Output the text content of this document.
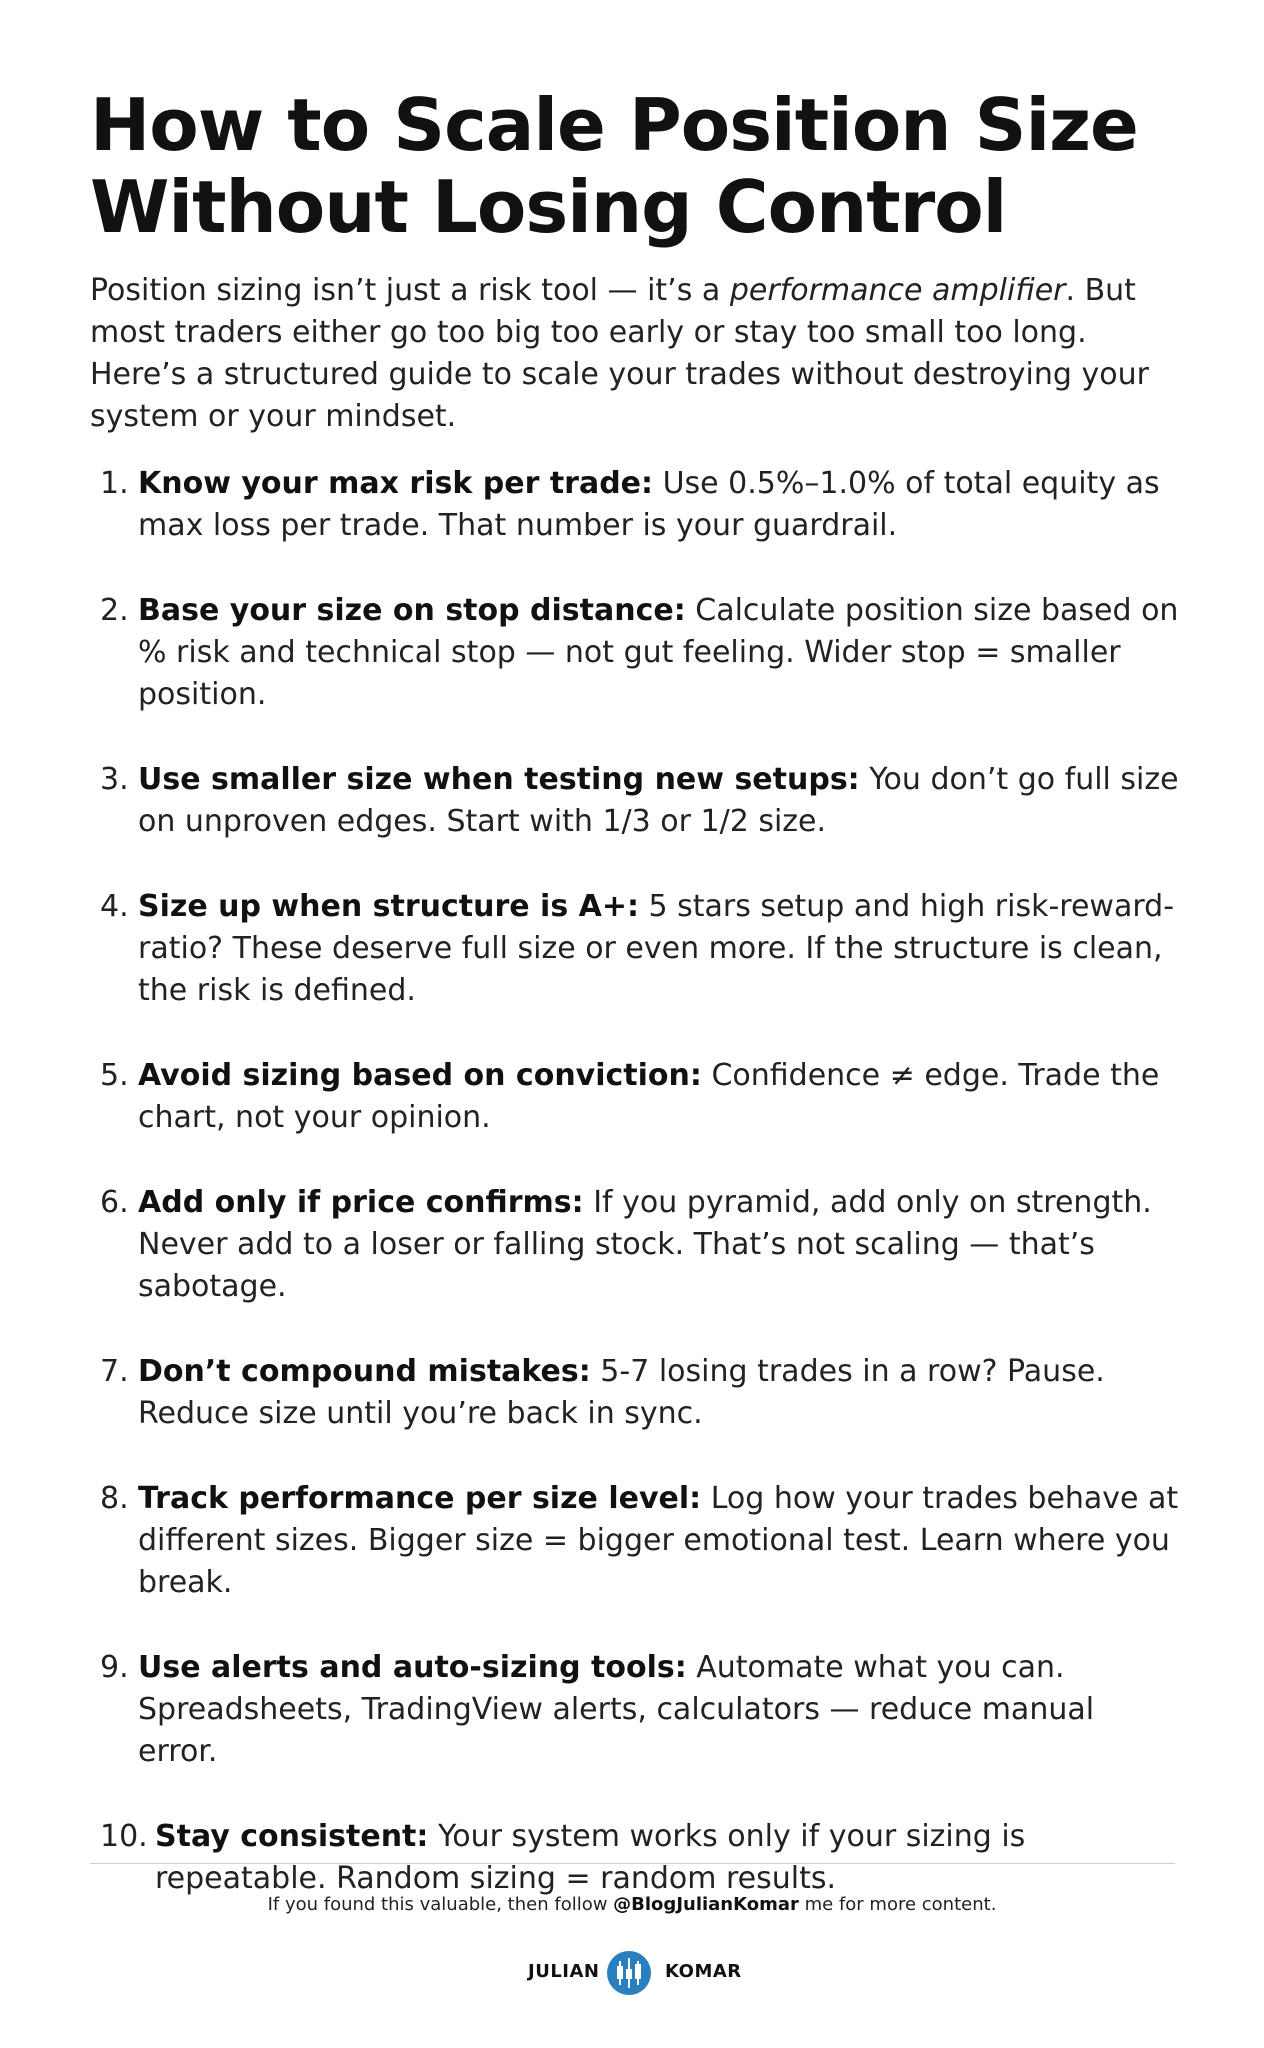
How to Scale Position Size
Without Losing Control

Position sizing isn’t just a risk tool — it’s a performance amplifier. But most traders either go too big too early or stay too small too long. Here’s a structured guide to scale your trades without destroying your system or your mindset.

1. Know your max risk per trade: Use 0.5%–1.0% of total equity as max loss per trade. That number is your guardrail.
2. Base your size on stop distance: Calculate position size based on % risk and technical stop — not gut feeling. Wider stop = smaller position.
3. Use smaller size when testing new setups: You don’t go full size on unproven edges. Start with 1/3 or 1/2 size.
4. Size up when structure is A+: 5 stars setup and high risk-reward-ratio? These deserve full size or even more. If the structure is clean, the risk is defined.
5. Avoid sizing based on conviction: Confidence ≠ edge. Trade the chart, not your opinion.
6. Add only if price confirms: If you pyramid, add only on strength. Never add to a loser or falling stock. That’s not scaling — that’s sabotage.
7. Don’t compound mistakes: 5-7 losing trades in a row? Pause. Reduce size until you’re back in sync.
8. Track performance per size level: Log how your trades behave at different sizes. Bigger size = bigger emotional test. Learn where you break.
9. Use alerts and auto-sizing tools: Automate what you can. Spreadsheets, TradingView alerts, calculators — reduce manual error.
10. Stay consistent: Your system works only if your sizing is repeatable. Random sizing = random results.
If you found this valuable, then follow @BlogJulianKomar me for more content.
JULIAN	KOMAR
